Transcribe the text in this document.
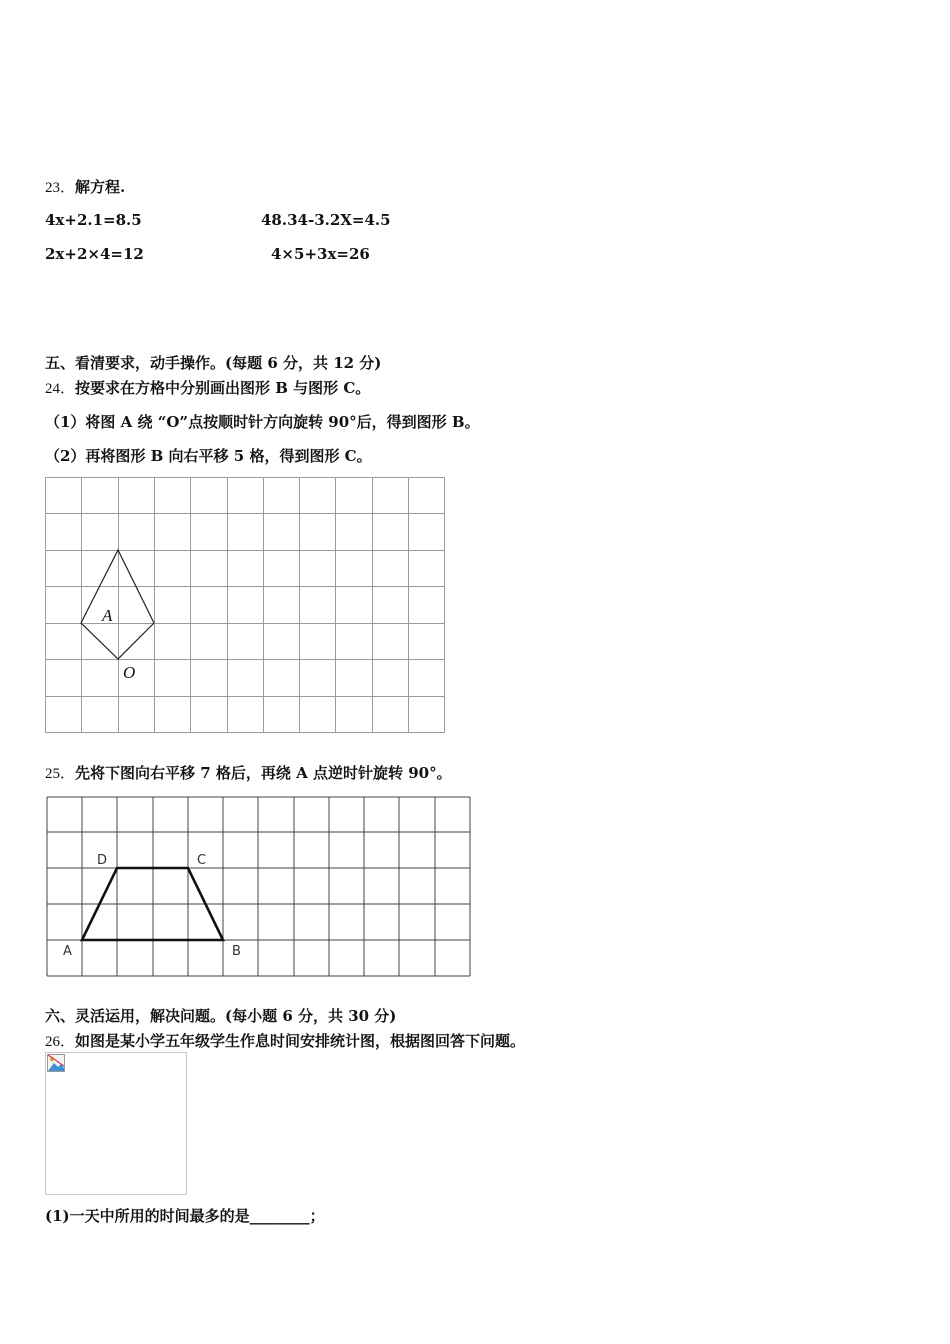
23．解方程.
4x+2.1=8.5	48.34-3.2X=4.5
2x+2×4=12	4×5+3x=26
五、看清要求，动手操作。(每题 6 分，共 12 分)
24．按要求在方格中分别画出图形 B 与图形 C。
（1）将图 A 绕 “O”点按顺时针方向旋转 90°后，得到图形 B。
（2）再将图形 B 向右平移 5 格，得到图形 C。
A
O
25．先将下图向右平移 7 格后，再绕 A 点逆时针旋转 90°。
A	B
C
D
六、灵活运用，解决问题。(每小题 6 分，共 30 分)
26．如图是某小学五年级学生作息时间安排统计图，根据图回答下问题。
(1)一天中所用的时间最多的是________；
